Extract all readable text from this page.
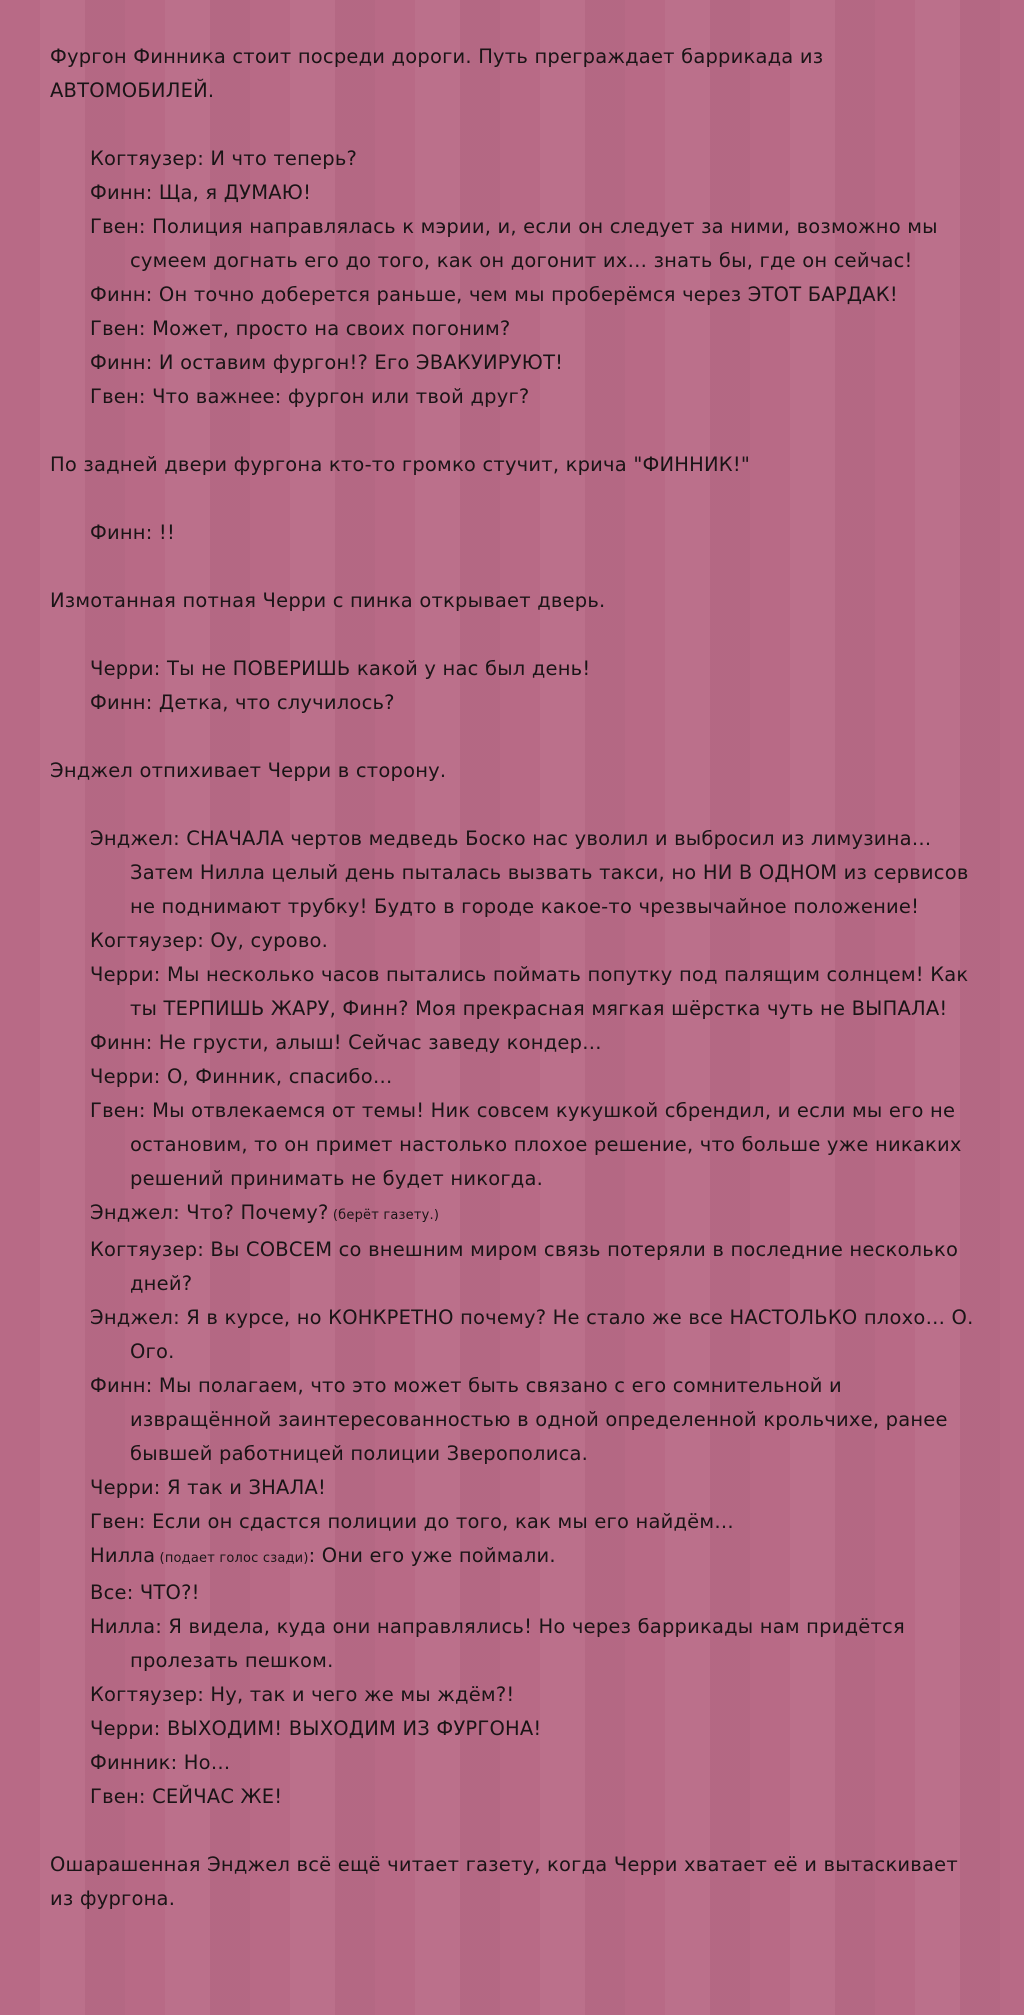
Фургон Финника стоит посреди дороги. Путь преграждает баррикада из АВТОМОБИЛЕЙ.
Когтяузер: И что теперь?
Финн: Ща, я ДУМАЮ!
Гвен: Полиция направлялась к мэрии, и, если он следует за ними, возможно мы сумеем догнать его до того, как он догонит их… знать бы, где он сейчас!
Финн: Он точно доберется раньше, чем мы проберёмся через ЭТОТ БАРДАК!
Гвен: Может, просто на своих погоним?
Финн: И оставим фургон!? Его ЭВАКУИРУЮТ!
Гвен: Что важнее: фургон или твой друг?
По задней двери фургона кто-то громко стучит, крича "ФИННИК!"
Финн: !!
Измотанная потная Черри с пинка открывает дверь.
Черри: Ты не ПОВЕРИШЬ какой у нас был день!
Финн: Детка, что случилось?
Энджел отпихивает Черри в сторону.
Энджел: СНАЧАЛА чертов медведь Боско нас уволил и выбросил из лимузина… Затем Нилла целый день пыталась вызвать такси, но НИ В ОДНОМ из сервисов не поднимают трубку! Будто в городе какое-то чрезвычайное положение!
Когтяузер: Оу, сурово.
Черри: Мы несколько часов пытались поймать попутку под палящим солнцем! Как ты ТЕРПИШЬ ЖАРУ, Финн? Моя прекрасная мягкая шёрстка чуть не ВЫПАЛА!
Финн: Не грусти, алыш! Сейчас заведу кондер…
Черри: О, Финник, спасибо…
Гвен: Мы отвлекаемся от темы! Ник совсем кукушкой сбрендил, и если мы его не остановим, то он примет настолько плохое решение, что больше уже никаких решений принимать не будет никогда.
Энджел: Что? Почему? (берёт газету.)
Когтяузер: Вы СОВСЕМ со внешним миром связь потеряли в последние несколько дней?
Энджел: Я в курсе, но КОНКРЕТНО почему? Не стало же все НАСТОЛЬКО плохо… О. Ого.
Финн: Мы полагаем, что это может быть связано с его сомнительной и извращённой заинтересованностью в одной определенной крольчихе, ранее бывшей работницей полиции Зверополиса.
Черри: Я так и ЗНАЛА!
Гвен: Если он сдастся полиции до того, как мы его найдём…
Нилла (подает голос сзади): Они его уже поймали.
Все: ЧТО?!
Нилла: Я видела, куда они направлялись! Но через баррикады нам придётся пролезать пешком.
Когтяузер: Ну, так и чего же мы ждём?!
Черри: ВЫХОДИМ! ВЫХОДИМ ИЗ ФУРГОНА!
Финник: Но…
Гвен: СЕЙЧАС ЖЕ!
Ошарашенная Энджел всё ещё читает газету, когда Черри хватает её и вытаскивает из фургона.
